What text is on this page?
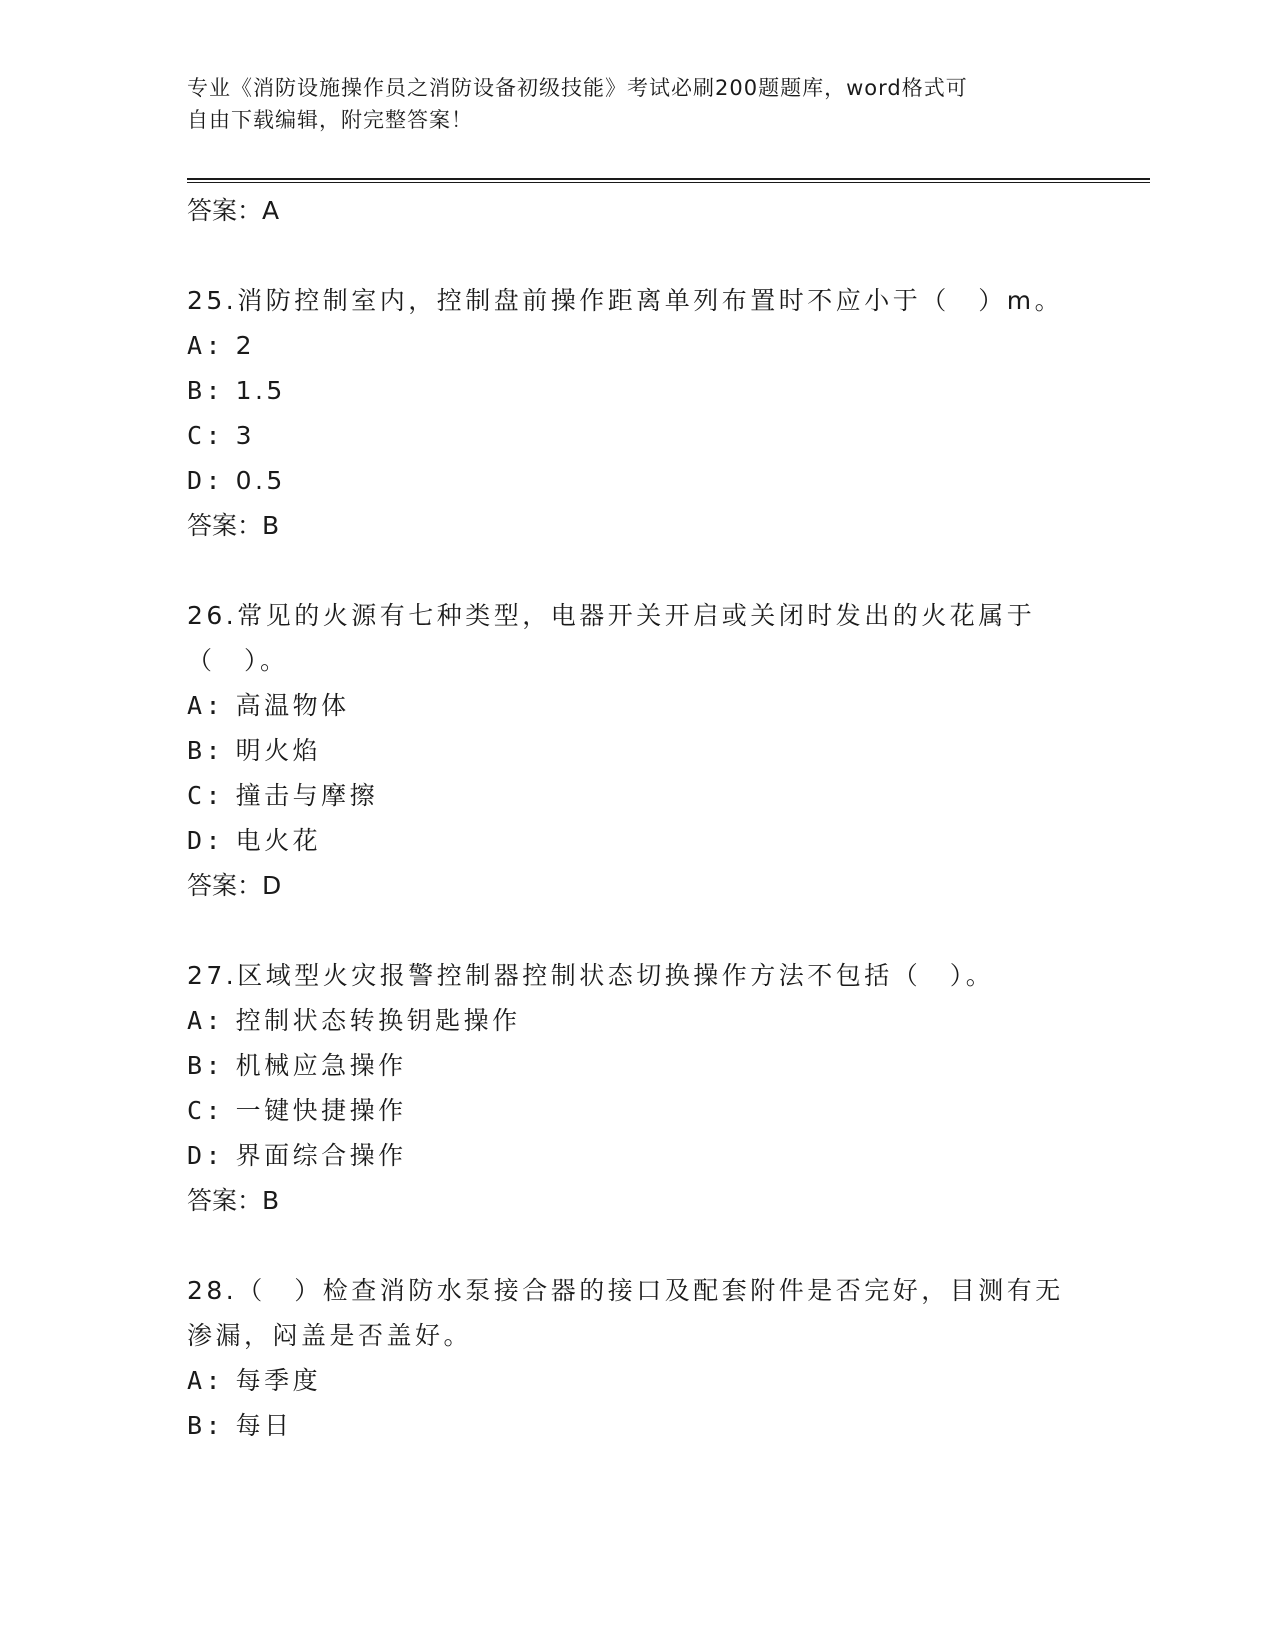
专业《消防设施操作员之消防设备初级技能》考试必刷200题题库，word格式可
自由下载编辑，附完整答案！
答案：A
25.消防控制室内，控制盘前操作距离单列布置时不应小于（　）m。
A: 2
B: 1.5
C: 3
D: 0.5
答案：B
26.常见的火源有七种类型，电器开关开启或关闭时发出的火花属于（　）。
A: 高温物体
B: 明火焰
C: 撞击与摩擦
D: 电火花
答案：D
27.区域型火灾报警控制器控制状态切换操作方法不包括（　）。
A: 控制状态转换钥匙操作
B: 机械应急操作
C: 一键快捷操作
D: 界面综合操作
答案：B
28.（　）检查消防水泵接合器的接口及配套附件是否完好，目测有无渗漏，闷盖是否盖好。
A: 每季度
B: 每日
